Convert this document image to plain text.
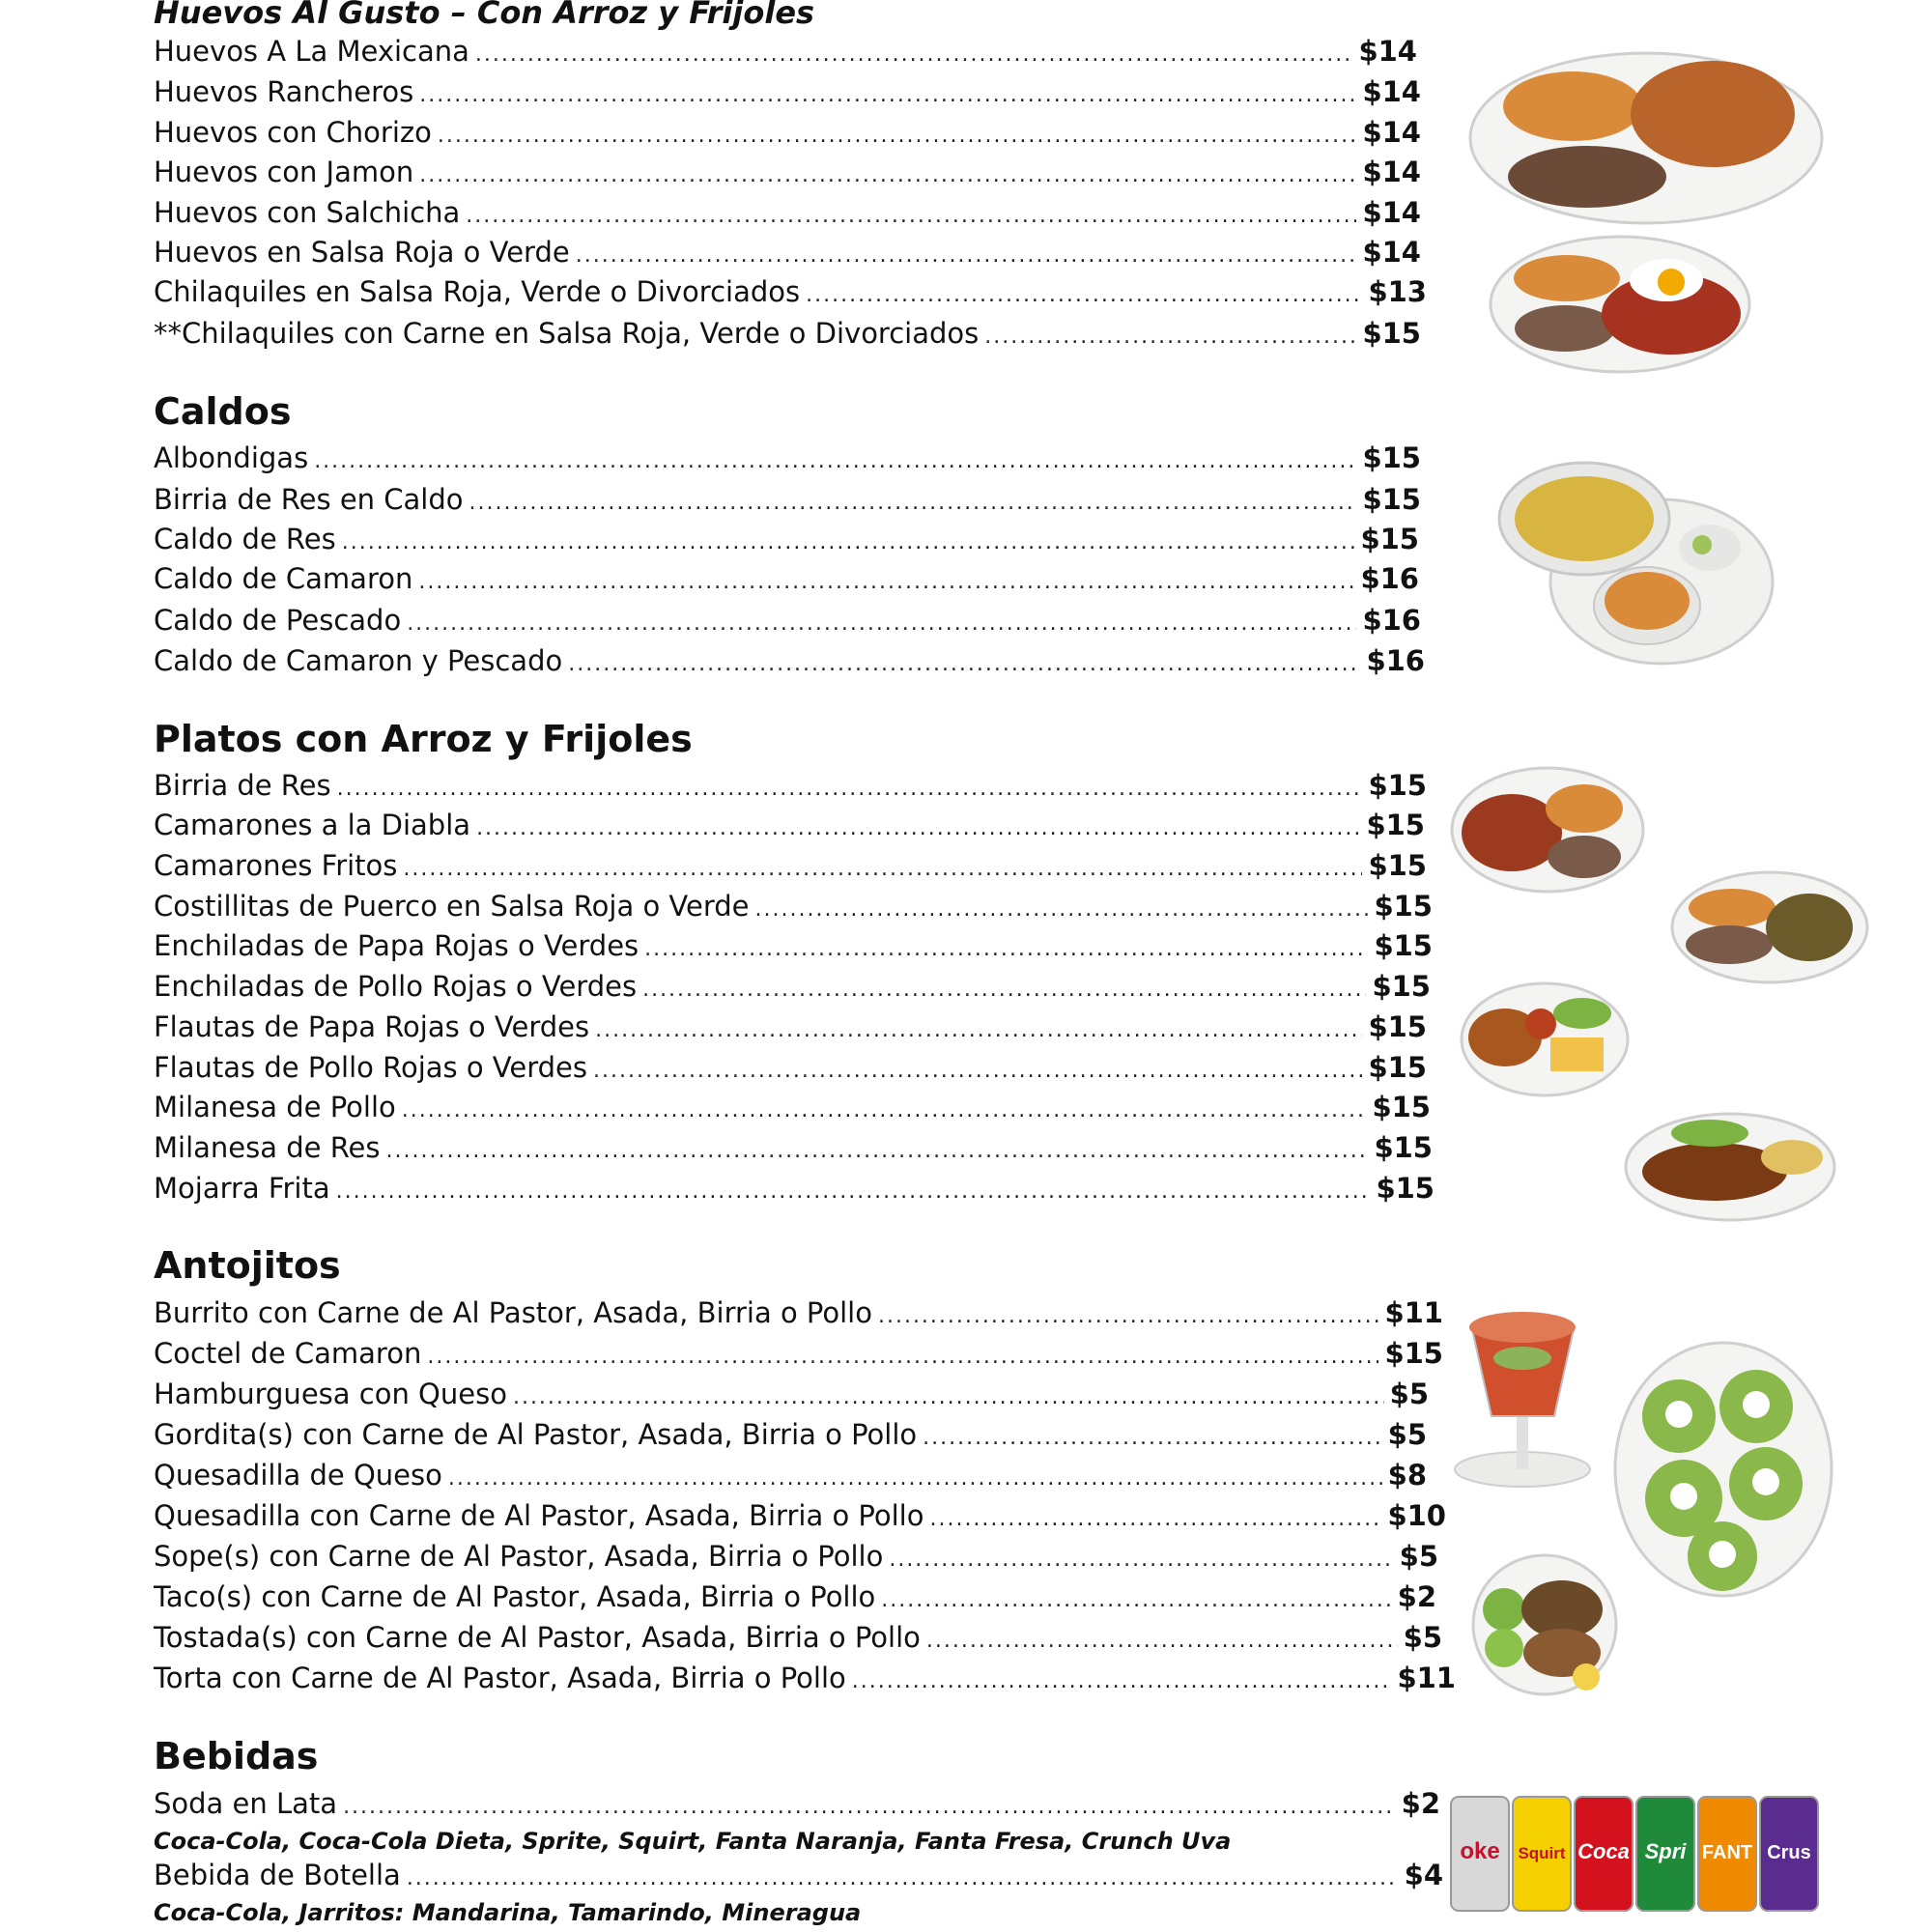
Huevos Al Gusto – Con Arroz y Frijoles
Huevos A La Mexicana .....	$14
Huevos Rancheros .....	$14
Huevos con Chorizo .....	$14
Huevos con Jamon .....	$14
Huevos con Salchicha .....	$14
Huevos en Salsa Roja o Verde .....	$14
Chilaquiles en Salsa Roja, Verde o Divorciados .....	$13
**Chilaquiles con Carne en Salsa Roja, Verde o Divorciados .....	$15
Caldos
Albondigas .....	$15
Birria de Res en Caldo .....	$15
Caldo de Res .....	$15
Caldo de Camaron .....	$16
Caldo de Pescado .....	$16
Caldo de Camaron y Pescado .....	$16
Platos con Arroz y Frijoles
Birria de Res .....	$15
Camarones a la Diabla .....	$15
Camarones Fritos .....	$15
Costillitas de Puerco en Salsa Roja o Verde .....	$15
Enchiladas de Papa Rojas o Verdes .....	$15
Enchiladas de Pollo Rojas o Verdes .....	$15
Flautas de Papa Rojas o Verdes .....	$15
Flautas de Pollo Rojas o Verdes .....	$15
Milanesa de Pollo .....	$15
Milanesa de Res .....	$15
Mojarra Frita .....	$15
Antojitos
Burrito con Carne de Al Pastor, Asada, Birria o Pollo .....	$11
Coctel de Camaron .....	$15
Hamburguesa con Queso .....	$5
Gordita(s) con Carne de Al Pastor, Asada, Birria o Pollo .....	$5
Quesadilla de Queso .....	$8
Quesadilla con Carne de Al Pastor, Asada, Birria o Pollo .....	$10
Sope(s) con Carne de Al Pastor, Asada, Birria o Pollo .....	$5
Taco(s) con Carne de Al Pastor, Asada, Birria o Pollo .....	$2
Tostada(s) con Carne de Al Pastor, Asada, Birria o Pollo .....	$5
Torta con Carne de Al Pastor, Asada, Birria o Pollo .....	$11
Bebidas
Soda en Lata .....	$2
Coca-Cola, Coca-Cola Dieta, Sprite, Squirt, Fanta Naranja, Fanta Fresa, Crunch Uva
Bebida de Botella .....	$4
Coca-Cola, Jarritos: Mandarina, Tamarindo, Mineragua
oke Squirt Coca Spri FANT Crus
